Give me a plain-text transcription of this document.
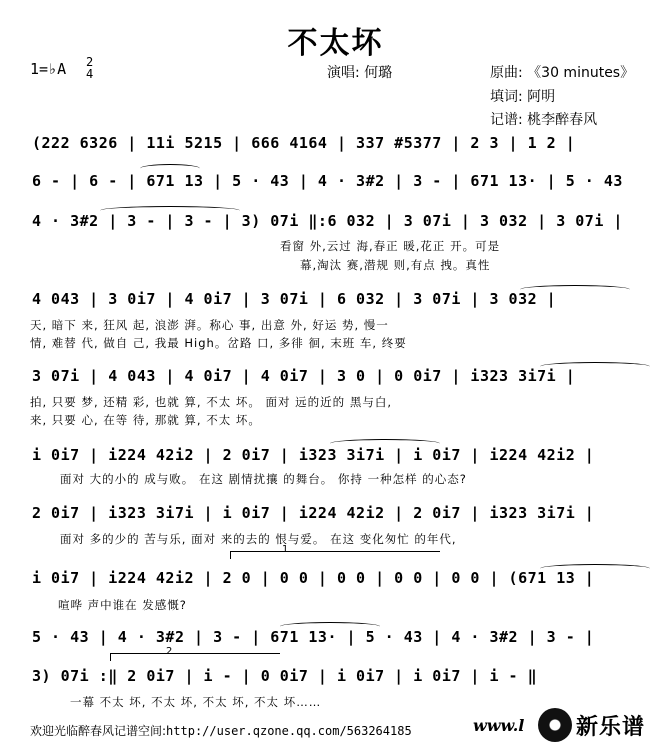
不太坏
1=♭A 2
4	演唱: 何璐	原曲: 《30 minutes》
填词: 阿明
记谱: 桃李醉春风
(222 6326 | 11i 5215 | 666 4164 | 337 #5377 | 2 3 | 1 2 |
6 - | 6 - | 671 13 | 5 · 43 | 4 · 3#2 | 3 - | 671 13· | 5 · 43
4 · 3#2 | 3 - | 3 - | 3) 07i ‖:6 032 | 3 07i | 3 032 | 3 07i |
看窗 外,云过 海,春正 暖,花正 开。可是
幕,淘汰 赛,潜规 则,有点 拽。真性
4 043 | 3 0i7 | 4 0i7 | 3 07i | 6 032 | 3 07i | 3 032 |
天, 暗下 来, 狂风 起, 浪澎 湃。称心 事, 出意 外, 好运 势, 慢一
情, 难替 代, 做自 己, 我最 High。岔路 口, 多徘 徊, 末班 车, 终要
3 07i | 4 043 | 4 0i7 | 4 0i7 | 3 0 | 0 0i7 | i323 3i7i |
拍, 只要 梦, 还精 彩, 也就 算, 不太 坏。 面对 远的近的 黑与白,
来, 只要 心, 在等 待, 那就 算, 不太 坏。
i 0i7 | i224 42i2 | 2 0i7 | i323 3i7i | i 0i7 | i224 42i2 |
面对 大的小的 成与败。 在这 剧情扰攘 的舞台。 你持 一种怎样 的心态?
2 0i7 | i323 3i7i | i 0i7 | i224 42i2 | 2 0i7 | i323 3i7i |
面对 多的少的 苦与乐, 面对 来的去的 恨与爱。 在这 变化匆忙 的年代,
i 0i7 | i224 42i2 | 2 0 | 0 0 | 0 0 | 0 0 | 0 0 | (671 13 |
喧哗 声中谁在 发感慨?
5 · 43 | 4 · 3#2 | 3 - | 671 13· | 5 · 43 | 4 · 3#2 | 3 - |
3) 07i :‖ 2 0i7 | i - | 0 0i7 | i 0i7 | i 0i7 | i - ‖
一幕 不太 坏, 不太 坏, 不太 坏, 不太 坏……
1
2
欢迎光临醉春风记谱空间:http://user.qzone.qq.com/563264185	www.l 新乐谱
